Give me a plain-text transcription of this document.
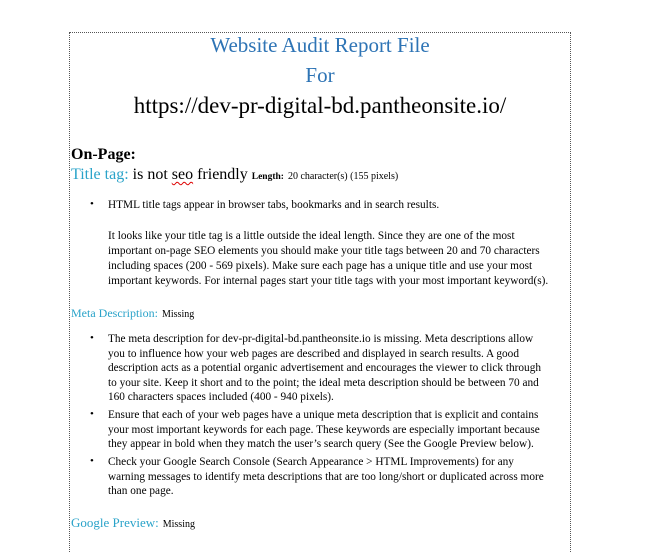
Website Audit Report File
For
https://dev-pr-digital-bd.pantheonsite.io/
On-Page:
Title tag: is not seo friendly Length: 20 character(s) (155 pixels)
• HTML title tags appear in browser tabs, bookmarks and in search results.
It looks like your title tag is a little outside the ideal length. Since they are one of the most
important on-page SEO elements you should make your title tags between 20 and 70 characters
including spaces (200 - 569 pixels). Make sure each page has a unique title and use your most
important keywords. For internal pages start your title tags with your most important keyword(s).
Meta Description: Missing
• The meta description for dev-pr-digital-bd.pantheonsite.io is missing. Meta descriptions allow
you to influence how your web pages are described and displayed in search results. A good
description acts as a potential organic advertisement and encourages the viewer to click through
to your site. Keep it short and to the point; the ideal meta description should be between 70 and
160 characters spaces included (400 - 940 pixels).
• Ensure that each of your web pages have a unique meta description that is explicit and contains
your most important keywords for each page. These keywords are especially important because
they appear in bold when they match the user’s search query (See the Google Preview below).
• Check your Google Search Console (Search Appearance > HTML Improvements) for any
warning messages to identify meta descriptions that are too long/short or duplicated across more
than one page.
Google Preview: Missing
